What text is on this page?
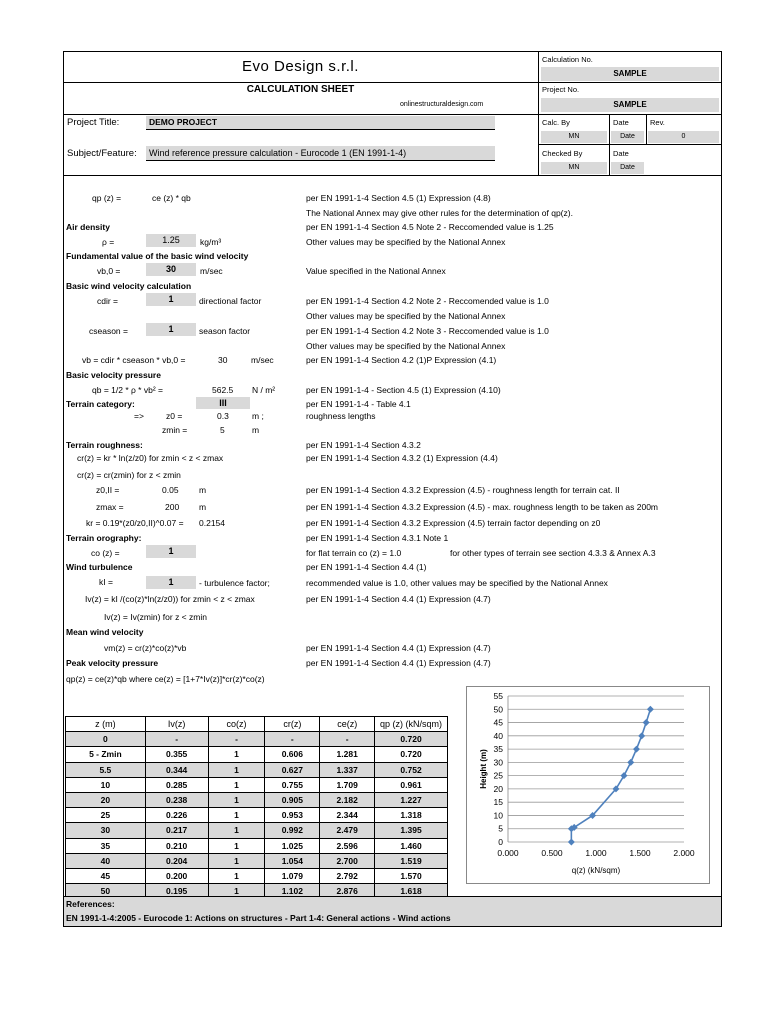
Evo Design s.r.l.
CALCULATION SHEET
onlinestructuraldesign.com
Calculation No.
SAMPLE
Project No.
SAMPLE
Calc. By	Date	Rev.
MN	Date	0
Checked By	Date
MN	Date
Project Title:	DEMO PROJECT
Subject/Feature:	Wind reference pressure calculation - Eurocode 1 (EN 1991-1-4)
qp (z) =	ce (z) * qb	per EN 1991-1-4 Section 4.5 (1) Expression (4.8)
The National Annex may give other rules for the determination of qp(z).
Air density	per EN 1991-1-4 Section 4.5 Note 2 - Reccomended value is 1.25
ρ =	1.25	kg/m³	Other values may be specified by the National Annex
Fundamental value of the basic wind velocity
vb,0 =	30	m/sec	Value specified in the National Annex
Basic wind velocity calculation
cdir =	1	directional factor	per EN 1991-1-4 Section 4.2 Note 2 - Reccomended value is 1.0
Other values may be specified by the National Annex
cseason =	1	season factor	per EN 1991-1-4 Section 4.2 Note 3 - Reccomended value is 1.0
Other values may be specified by the National Annex
vb = cdir * cseason * vb,0 =	30	m/sec	per EN 1991-1-4 Section 4.2 (1)P Expression (4.1)
Basic velocity pressure
qb = 1/2 * ρ * vb² =	562.5 N / m²	per EN 1991-1-4 - Section 4.5 (1) Expression (4.10)
Terrain category:	III	per EN 1991-1-4 - Table 4.1
=>	z0 =	0.3	m ;	roughness lengths
zmin =	5	m
Terrain roughness:	per EN 1991-1-4 Section 4.3.2
cr(z) = kr * ln(z/z0) for zmin < z < zmax	per EN 1991-1-4 Section 4.3.2 (1) Expression (4.4)
cr(z) = cr(zmin) for z < zmin
z0,II =	0.05 m	per EN 1991-1-4 Section 4.3.2 Expression (4.5) - roughness length for terrain cat. II
zmax =	200 m	per EN 1991-1-4 Section 4.3.2 Expression (4.5) - max. roughness length to be taken as 200m
kr = 0.19*(z0/z0,II)^0.07 = 0.2154	per EN 1991-1-4 Section 4.3.2 Expression (4.5) terrain factor depending on z0
Terrain orography:	per EN 1991-1-4 Section 4.3.1 Note 1
co (z) =	1	for flat terrain co (z) = 1.0	for other types of terrain see section 4.3.3 & Annex A.3
Wind turbulence	per EN 1991-1-4 Section 4.4 (1)
kI =	1	- turbulence factor;	recommended value is 1.0, other values may be specified by the National Annex
Iv(z) = kI /(co(z)*ln(z/z0)) for zmin < z < zmax	per EN 1991-1-4 Section 4.4 (1) Expression (4.7)
Iv(z) = Iv(zmin) for z < zmin
Mean wind velocity
vm(z) = cr(z)*co(z)*vb	per EN 1991-1-4 Section 4.4 (1) Expression (4.7)
Peak velocity pressure	per EN 1991-1-4 Section 4.4 (1) Expression (4.7)
qp(z) = ce(z)*qb where ce(z) = [1+7*Iv(z)]*cr(z)*co(z)
z (m)	Iv(z)	co(z)	cr(z)	ce(z)	qp (z) (kN/sqm)
0	-	-	-	-	0.720
5 - Zmin	0.355	1	0.606	1.281	0.720
5.5	0.344	1	0.627	1.337	0.752
10	0.285	1	0.755	1.709	0.961
20	0.238	1	0.905	2.182	1.227
25	0.226	1	0.953	2.344	1.318
30	0.217	1	0.992	2.479	1.395
35	0.210	1	1.025	2.596	1.460
40	0.204	1	1.054	2.700	1.519
45	0.200	1	1.079	2.792	1.570
50	0.195	1	1.102	2.876	1.618
0
5
10
15
20
25
30
35
40
45
50
55
0.000	0.500	1.000	1.500	2.000
q(z) (kN/sqm)
Height (m)
References:
EN 1991-1-4:2005 - Eurocode 1: Actions on structures - Part 1-4: General actions - Wind actions
